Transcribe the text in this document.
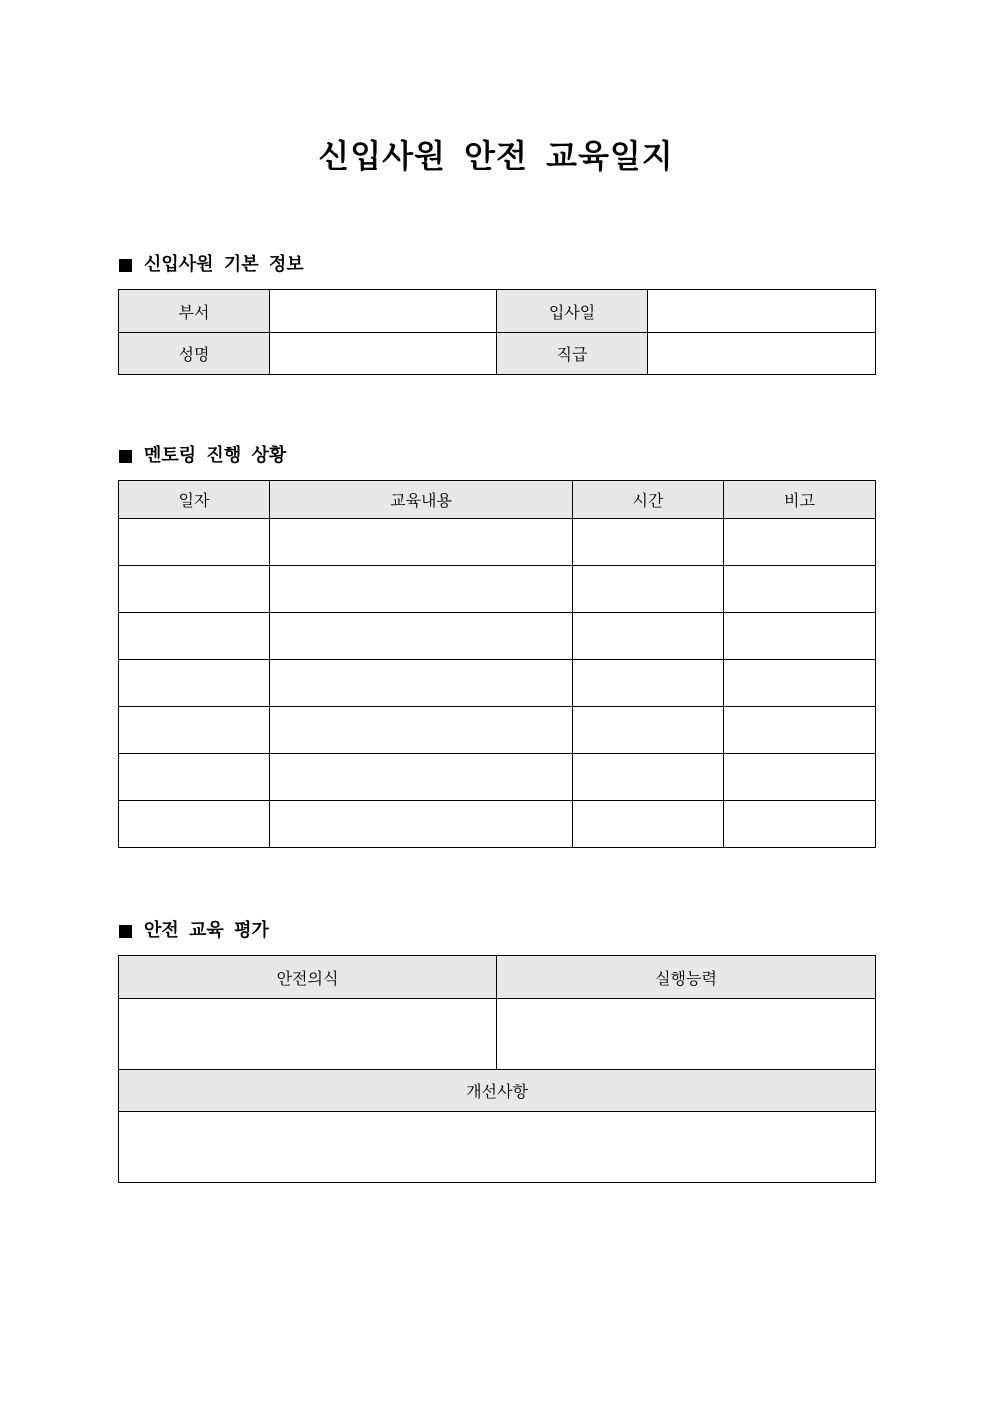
신입사원 안전 교육일지
신입사원 기본 정보
부서		입사일	
성명		직급	
멘토링 진행 상황
일자	교육내용	시간	비고

안전 교육 평가
안전의식	실행능력

개선사항	
